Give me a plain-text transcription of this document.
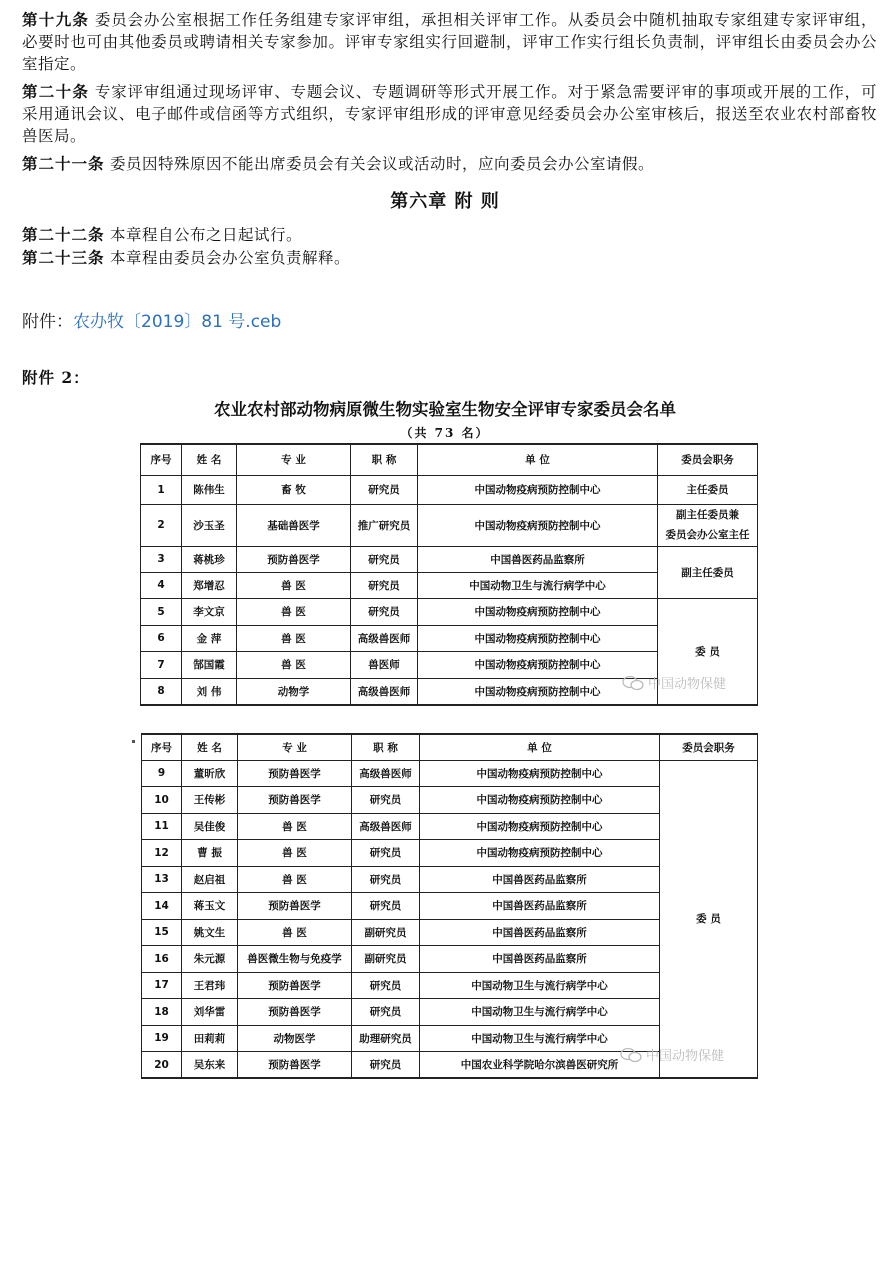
第十九条 委员会办公室根据工作任务组建专家评审组，承担相关评审工作。从委员会中随机抽取专家组建专家评审组，必要时也可由其他委员或聘请相关专家参加。评审专家组实行回避制，评审工作实行组长负责制，评审组长由委员会办公室指定。

第二十条 专家评审组通过现场评审、专题会议、专题调研等形式开展工作。对于紧急需要评审的事项或开展的工作，可采用通讯会议、电子邮件或信函等方式组织，专家评审组形成的评审意见经委员会办公室审核后，报送至农业农村部畜牧兽医局。

第二十一条 委员因特殊原因不能出席委员会有关会议或活动时，应向委员会办公室请假。

第六章 附 则

第二十二条 本章程自公布之日起试行。

第二十三条 本章程由委员会办公室负责解释。

附件：农办牧〔2019〕81 号.ceb
附件 2：
农业农村部动物病原微生物实验室生物安全评审专家委员会名单
（共 73 名）
序号	姓 名	专 业	职 称	单 位	委员会职务
1	陈伟生	畜 牧	研究员	中国动物疫病预防控制中心	主任委员
2	沙玉圣	基础兽医学	推广研究员	中国动物疫病预防控制中心	副主任委员兼
委员会办公室主任

3	蒋桃珍	预防兽医学	研究员	中国兽医药品监察所	副主任委员
4	郑增忍	兽 医	研究员	中国动物卫生与流行病学中心	
5	李文京	兽 医	研究员	中国动物疫病预防控制中心	委 员
6	金 萍	兽 医	高级兽医师	中国动物疫病预防控制中心	
7	郜国霞	兽 医	兽医师	中国动物疫病预防控制中心	
8	刘 伟	动物学	高级兽医师	中国动物疫病预防控制中心		中国动物保健
序号	姓 名	专 业	职 称	单 位	委员会职务
9	董昕欣	预防兽医学	高级兽医师	中国动物疫病预防控制中心	委 员
10	王传彬	预防兽医学	研究员	中国动物疫病预防控制中心	
11	吴佳俊	兽 医	高级兽医师	中国动物疫病预防控制中心	
12	曹 振	兽 医	研究员	中国动物疫病预防控制中心	
13	赵启祖	兽 医	研究员	中国兽医药品监察所	
14	蒋玉文	预防兽医学	研究员	中国兽医药品监察所	
15	姚文生	兽 医	副研究员	中国兽医药品监察所	
16	朱元源	兽医微生物与免疫学	副研究员	中国兽医药品监察所	
17	王君玮	预防兽医学	研究员	中国动物卫生与流行病学中心	
18	刘华雷	预防兽医学	研究员	中国动物卫生与流行病学中心	
19	田莉莉	动物医学	助理研究员	中国动物卫生与流行病学中心	
20	吴东来	预防兽医学	研究员	中国农业科学院哈尔滨兽医研究所	
中国动物保健
